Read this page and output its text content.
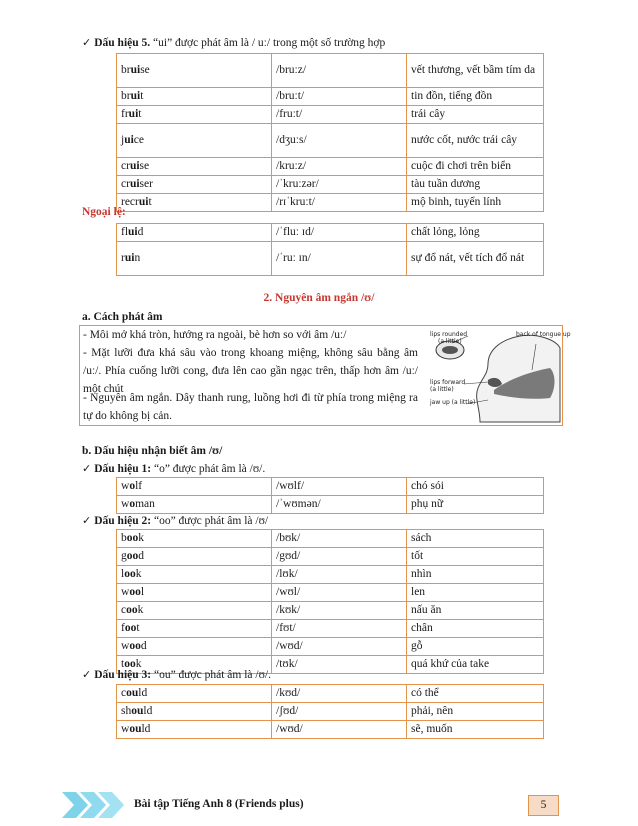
✓ Dấu hiệu 5. “ui” được phát âm là / uː/ trong một số trường hợp
bruise	/bruːz/	vết thương, vết bầm tím da
bruit	/bruːt/	tin đồn, tiếng đồn
fruit	/fruːt/	trái cây
juice	/dʒuːs/	nước cốt, nước trái cây
cruise	/kruːz/	cuộc đi chơi trên biển
cruiser	/ˈkruːzər/	tàu tuần dương
recruit	/rɪˈkruːt/	mộ binh, tuyển lính
Ngoại lệ:
fluid	/ˈfluː ɪd/	chất lỏng, lỏng
ruin	/ˈruː ɪn/	sự đổ nát, vết tích đổ nát
2. Nguyên âm ngắn /ʊ/
a. Cách phát âm
- Môi mở khá tròn, hướng ra ngoài, bè hơn so với âm /uː/
- Mặt lưỡi đưa khá sâu vào trong khoang miệng, không sâu bằng âm /uː/. Phía cuống lưỡi cong, đưa lên cao gần ngạc trên, thấp hơn âm /uː/ một chút
- Nguyên âm ngắn. Dây thanh rung, luồng hơi đi từ phía trong miệng ra tự do không bị cản.
lips rounded
(a little)
back of tongue up
lips forward
(a little)
jaw up (a little)
b. Dấu hiệu nhận biết âm /ʊ/
✓ Dấu hiệu 1: “o” được phát âm là /ʊ/.
wolf	/wʊlf/	chó sói
woman	/ˈwʊmən/	phụ nữ
✓ Dấu hiệu 2: “oo” được phát âm là /ʊ/
book	/bʊk/	sách
good	/gʊd/	tốt
look	/lʊk/	nhìn
wool	/wʊl/	len
cook	/kʊk/	nấu ăn
foot	/fʊt/	chân
wood	/wʊd/	gỗ
took	/tʊk/	quá khứ của take
✓ Dấu hiệu 3: “ou” được phát âm là /ʊ/.
could	/kʊd/	có thể
should	/ʃʊd/	phải, nên
would	/wʊd/	sẽ, muốn
Bài tập Tiếng Anh 8 (Friends plus)	5
